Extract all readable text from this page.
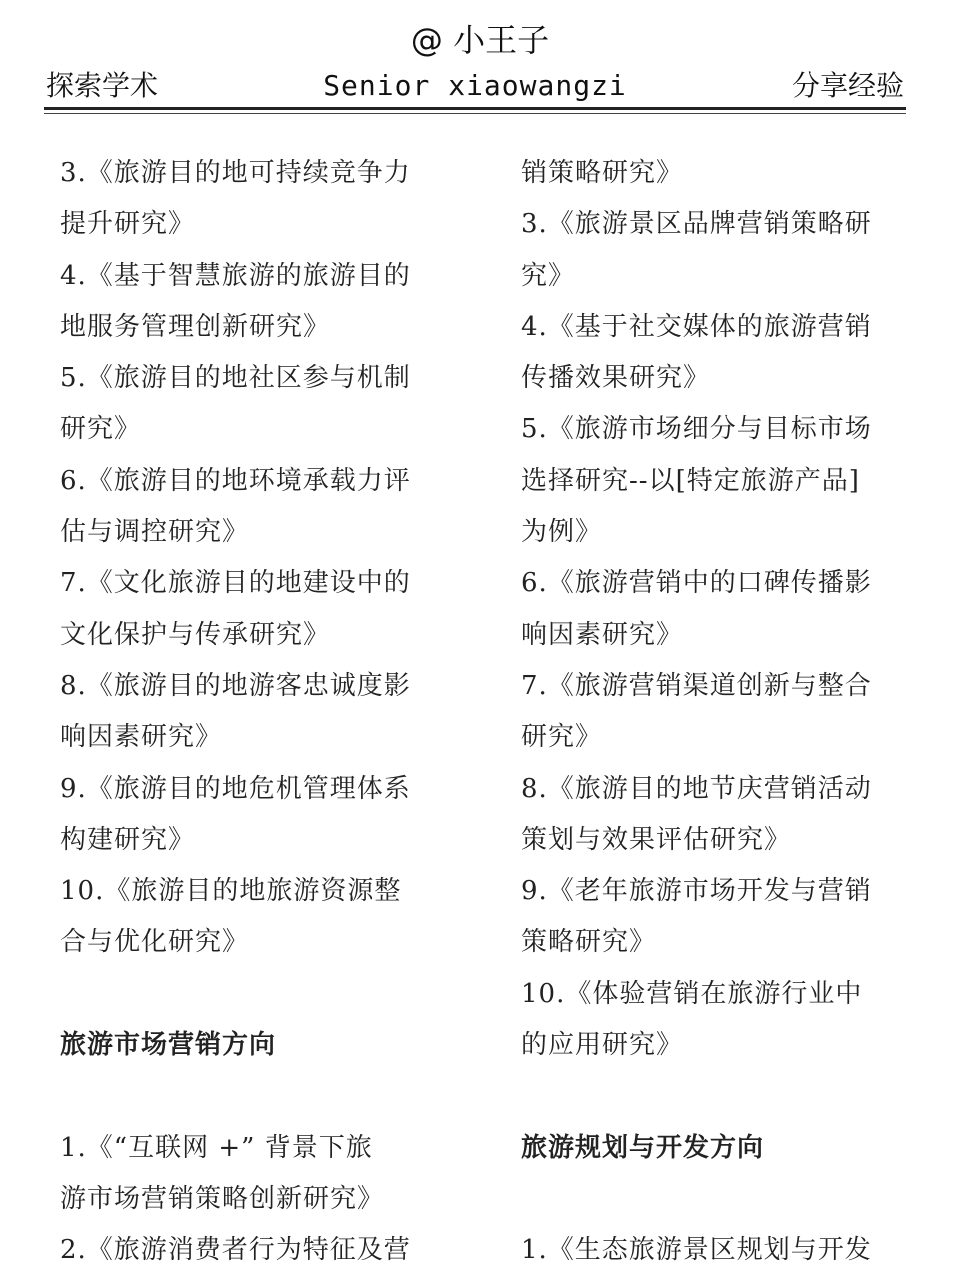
@ 小王子
探索学术	Senior xiaowangzi	分享经验
3.《旅游目的地可持续竞争力
提升研究》
4.《基于智慧旅游的旅游目的
地服务管理创新研究》
5.《旅游目的地社区参与机制
研究》
6.《旅游目的地环境承载力评
估与调控研究》
7.《文化旅游目的地建设中的
文化保护与传承研究》
8.《旅游目的地游客忠诚度影
响因素研究》
9.《旅游目的地危机管理体系
构建研究》
10.《旅游目的地旅游资源整
合与优化研究》
旅游市场营销方向
1.《“互联网 +” 背景下旅
游市场营销策略创新研究》
2.《旅游消费者行为特征及营
销策略研究》
3.《旅游景区品牌营销策略研
究》
4.《基于社交媒体的旅游营销
传播效果研究》
5.《旅游市场细分与目标市场
选择研究--以[特定旅游产品]
为例》
6.《旅游营销中的口碑传播影
响因素研究》
7.《旅游营销渠道创新与整合
研究》
8.《旅游目的地节庆营销活动
策划与效果评估研究》
9.《老年旅游市场开发与营销
策略研究》
10.《体验营销在旅游行业中
的应用研究》
旅游规划与开发方向
1.《生态旅游景区规划与开发
